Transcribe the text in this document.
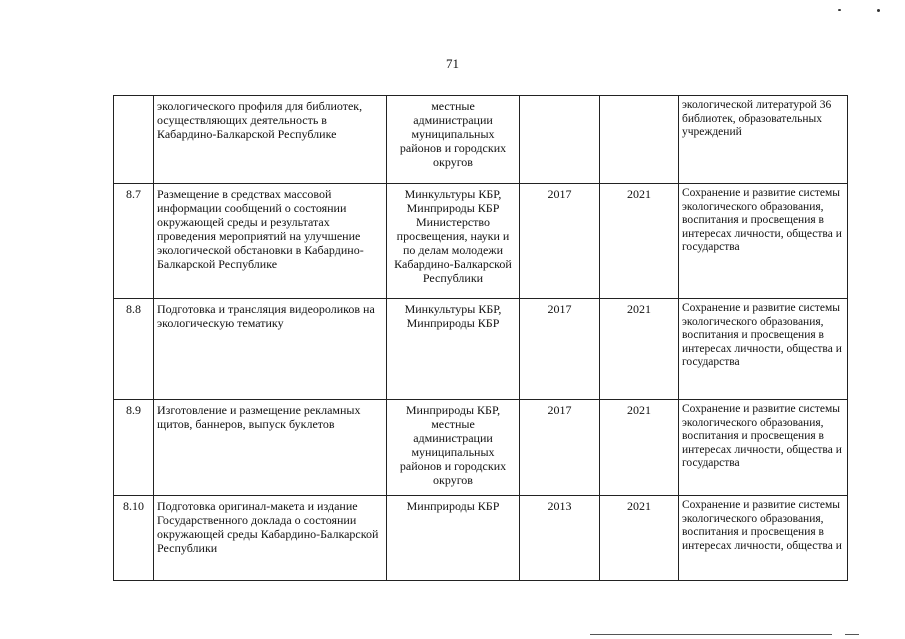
71
	экологического профиля для библиотек, осуществляющих деятельность в Кабардино-Балкарской Республике	местные администрации муниципальных районов и городских округов			экологической литературой 36 библиотек, образовательных учреждений
8.7	Размещение в средствах массовой информации сообщений о состоянии окружающей среды и результатах проведения мероприятий на улучшение экологической обстановки в Кабардино-Балкарской Республике	Минкультуры КБР, Минприроды КБР Министерство просвещения, науки и по делам молодежи Кабардино-Балкарской Республики	2017	2021	Сохранение и развитие системы экологического образования, воспитания и просвещения в интересах личности, общества и государства
8.8	Подготовка и трансляция видеороликов на экологическую тематику	Минкультуры КБР, Минприроды КБР	2017	2021	Сохранение и развитие системы экологического образования, воспитания и просвещения в интересах личности, общества и государства
8.9	Изготовление и размещение рекламных щитов, баннеров, выпуск буклетов	Минприроды КБР, местные администрации муниципальных районов и городских округов	2017	2021	Сохранение и развитие системы экологического образования, воспитания и просвещения в интересах личности, общества и государства
8.10	Подготовка оригинал-макета и издание Государственного доклада о состоянии окружающей среды Кабардино-Балкарской Республики	Минприроды КБР	2013	2021	Сохранение и развитие системы экологического образования, воспитания и просвещения в интересах личности, общества и
